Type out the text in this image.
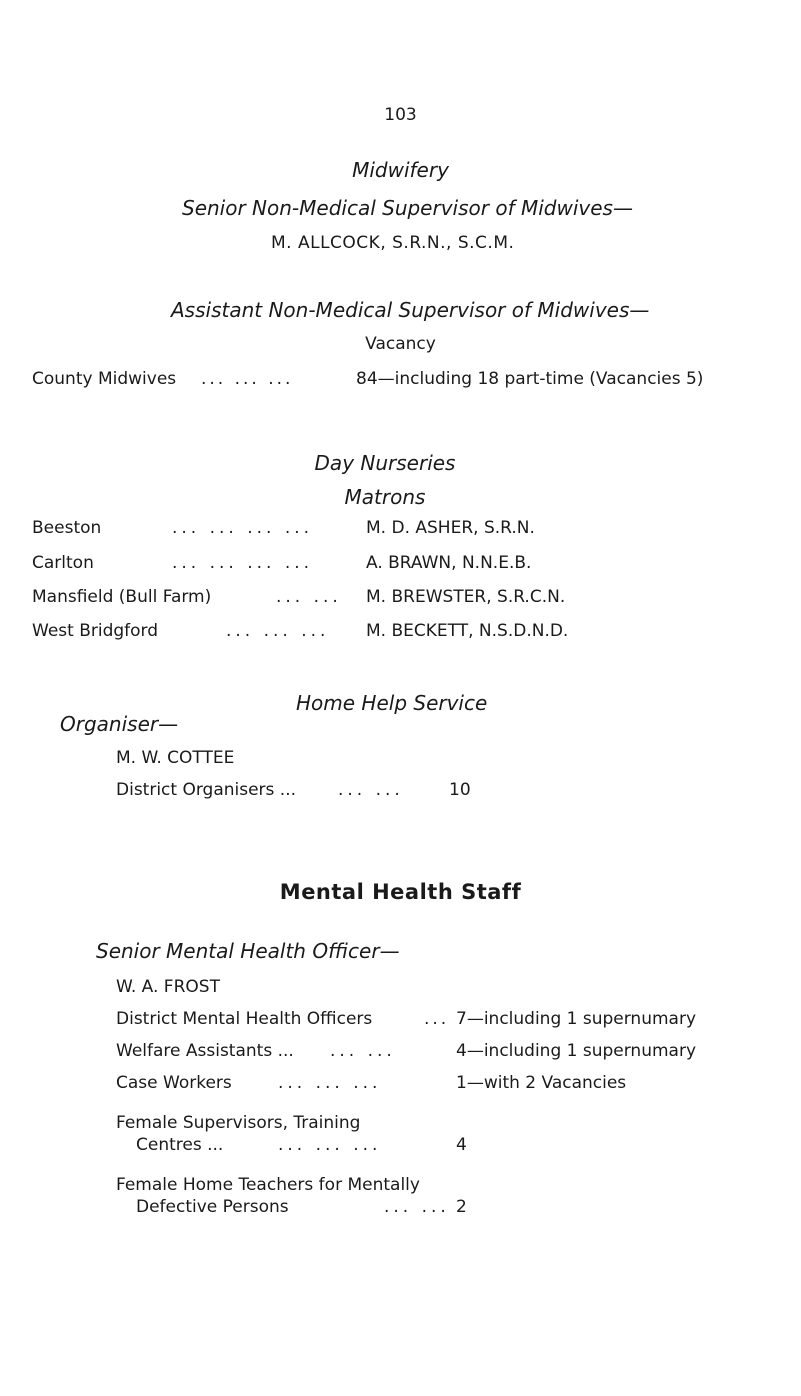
103
Midwifery
Senior Non-Medical Supervisor of Midwives—
M. ALLCOCK, S.R.N., S.C.M.
Assistant Non-Medical Supervisor of Midwives—
Vacancy
County Midwives ... ... ...	84—including 18 part-time (Vacancies 5)
Day Nurseries
Matrons
Beeston	... ... ... ...	M. D. ASHER, S.R.N.
Carlton	... ... ... ...	A. BRAWN, N.N.E.B.
Mansfield (Bull Farm)	... ... M. BREWSTER, S.R.C.N.
West Bridgford	... ... ... M. BECKETT, N.S.D.N.D.
Home Help Service
Organiser—
M. W. COTTEE
District Organisers ... ... ...	10
Mental Health Staff
Senior Mental Health Officer—
W. A. FROST
District Mental Health Officers	... 7—including 1 supernumary
Welfare Assistants ... ... ...	4—including 1 supernumary
Case Workers	... ... ...	1—with 2 Vacancies
Female Supervisors, Training
Centres ...	... ... ...	4
Female Home Teachers for Mentally
Defective Persons	... ... 2
